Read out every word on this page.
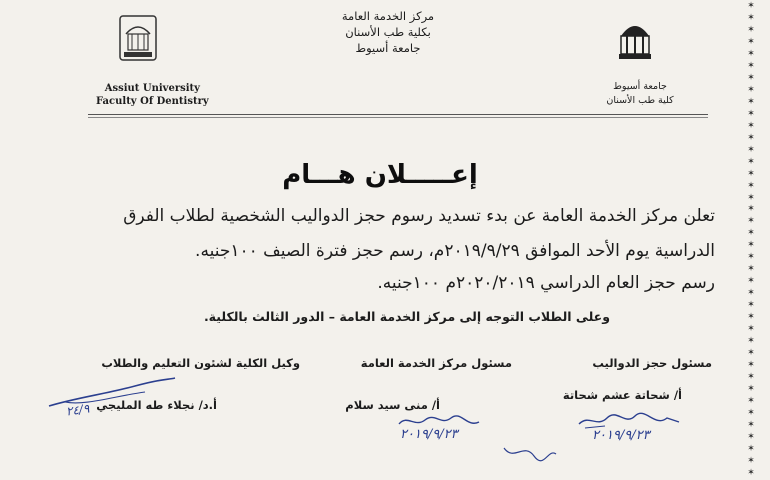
✶
✶
✶
✶
✶
✶
✶
✶
✶
✶
✶
✶
✶
✶
✶
✶
✶
✶
✶
✶
✶
✶
✶
✶
✶
✶
✶
✶
✶
✶
✶
✶
✶
✶
✶
✶
✶
✶
✶
✶
مركز الخدمة العامة
بكلية طب الأسنان
جامعة أسيوط
Assiut University
Faculty Of Dentistry
جامعة أسيوط
كلية طب الأسنان
إعـــــلان هـــام
تعلن مركز الخدمة العامة عن بدء تسديد رسوم حجز الدواليب الشخصية لطلاب الفرق
الدراسية يوم الأحد الموافق ٢٠١٩/٩/٢٩م، رسم حجز فترة الصيف ١٠٠جنيه.
رسم حجز العام الدراسي ٢٠٢٠/٢٠١٩م ١٠٠جنيه.
وعلى الطلاب التوجه إلى مركز الخدمة العامة – الدور الثالث بالكلية.
مسئول حجز الدواليب
مسئول مركز الخدمة العامة
وكيل الكلية لشئون التعليم والطلاب
أ/ شحاتة عشم شحاتة
أ/ منى سيد سلام
أ.د/ نجلاء طه المليجي
٢٠١٩/٩/٢٣
٢٠١٩/٩/٢٣
٢٤/٩
